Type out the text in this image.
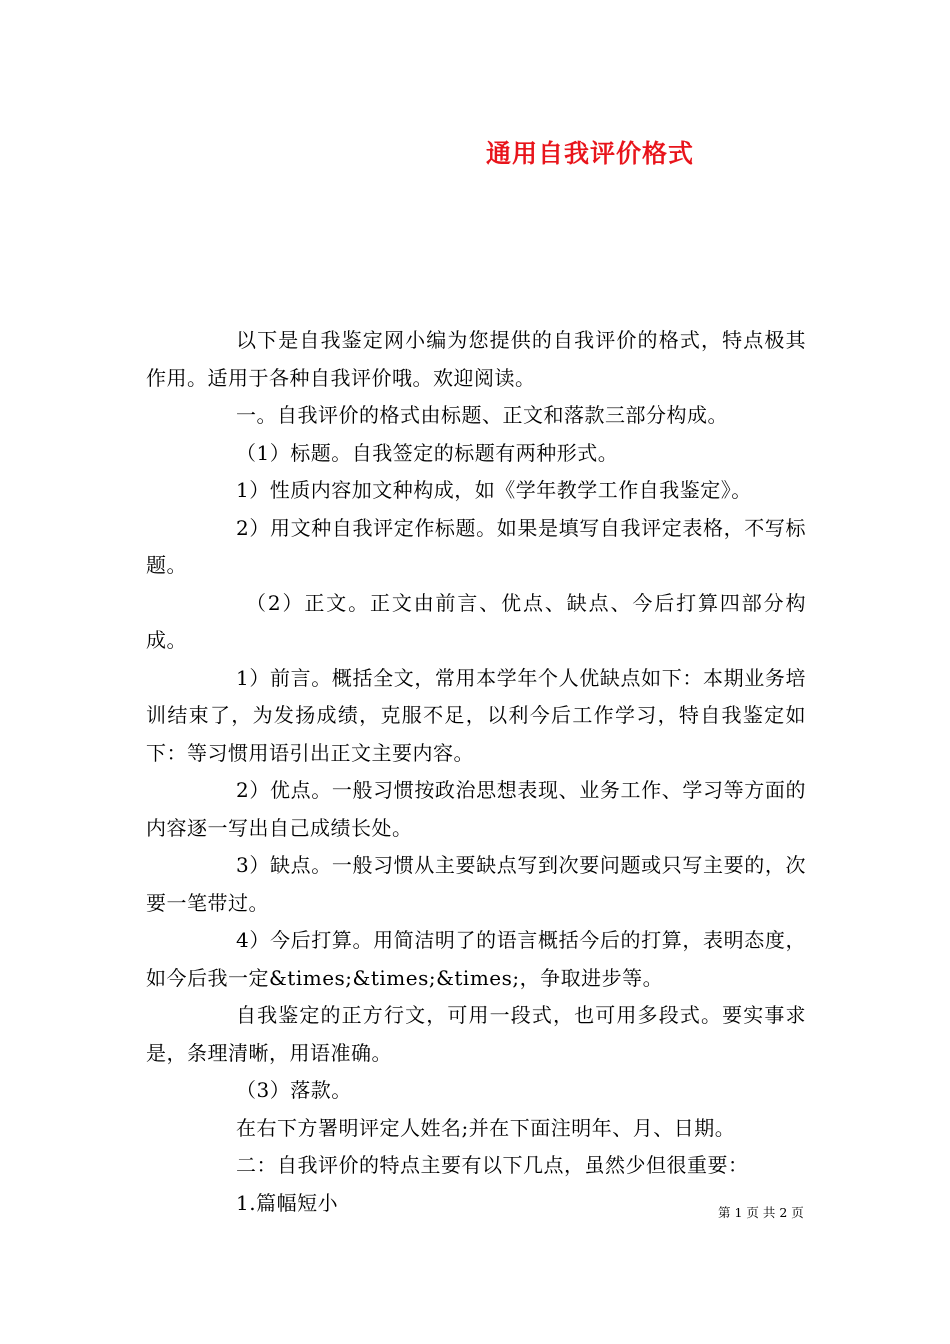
通用自我评价格式

以下是自我鉴定网小编为您提供的自我评价的格式，特点极其作用。适用于各种自我评价哦。欢迎阅读。

一。自我评价的格式由标题、正文和落款三部分构成。

（1）标题。自我签定的标题有两种形式。

1）性质内容加文种构成，如《学年教学工作自我鉴定》。

2）用文种自我评定作标题。如果是填写自我评定表格，不写标题。

（2）正文。正文由前言、优点、缺点、今后打算四部分构成。

1）前言。概括全文，常用本学年个人优缺点如下：本期业务培训结束了，为发扬成绩，克服不足，以利今后工作学习，特自我鉴定如下：等习惯用语引出正文主要内容。

2）优点。一般习惯按政治思想表现、业务工作、学习等方面的内容逐一写出自己成绩长处。

3）缺点。一般习惯从主要缺点写到次要问题或只写主要的，次要一笔带过。

4）今后打算。用简洁明了的语言概括今后的打算，表明态度，如今后我一定&times;&times;&times;，争取进步等。

自我鉴定的正方行文，可用一段式，也可用多段式。要实事求是，条理清晰，用语准确。

（3）落款。

在右下方署明评定人姓名;并在下面注明年、月、日期。

二：自我评价的特点主要有以下几点，虽然少但很重要：

1.篇幅短小	第 1 页 共 2 页
